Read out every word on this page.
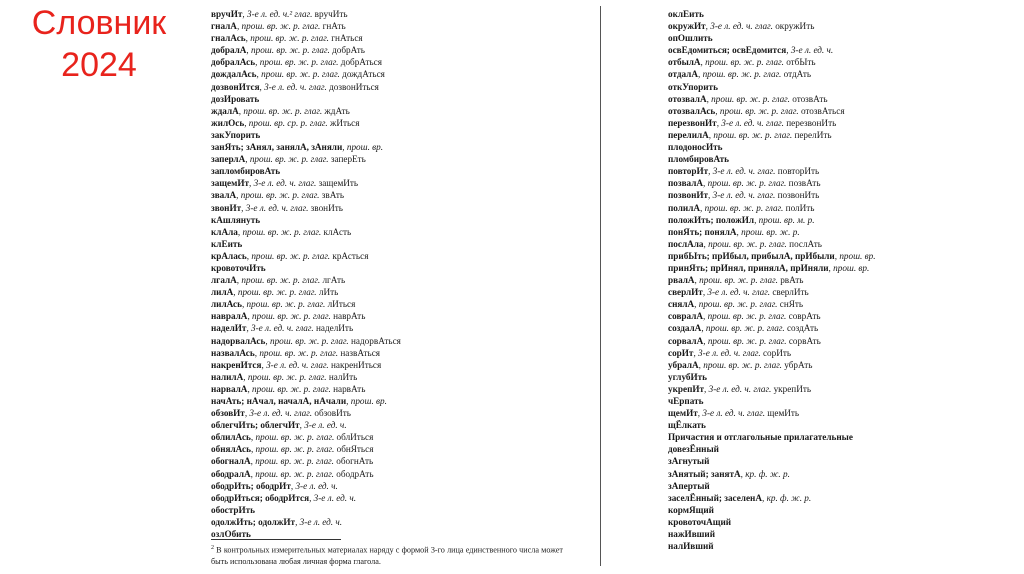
Словник 2024
вручИт, 3-е л. ед. ч.² глаг. вручИть
гналА, прош. вр. ж. р. глаг. гнАть
гналАсь, прош. вр. ж. р. глаг. гнАться
добралА, прош. вр. ж. р. глаг. добрАть
добралАсь, прош. вр. ж. р. глаг. добрАться
дождалАсь, прош. вр. ж. р. глаг. дождАться
дозвонИтся, 3-е л. ед. ч. глаг. дозвонИться
дозИровать
ждалА, прош. вр. ж. р. глаг. ждАть
жилОсь, прош. вр. ср. р. глаг. жИться
закУпорить
занЯть; зАнял, занялА, зАняли, прош. вр.
заперлА, прош. вр. ж. р. глаг. заперЕть
запломбировАть
защемИт, 3-е л. ед. ч. глаг. защемИть
звалА, прош. вр. ж. р. глаг. звАть
звонИт, 3-е л. ед. ч. глаг. звонИть
кАшлянуть
клАла, прош. вр. ж. р. глаг. клАсть
клЕить
крАлась, прош. вр. ж. р. глаг. крАсться
кровоточИть
лгалА, прош. вр. ж. р. глаг. лгАть
лилА, прош. вр. ж. р. глаг. лИть
лилАсь, прош. вр. ж. р. глаг. лИться
навралА, прош. вр. ж. р. глаг. наврАть
наделИт, 3-е л. ед. ч. глаг. наделИть
надорвалАсь, прош. вр. ж. р. глаг. надорвАться
назвалАсь, прош. вр. ж. р. глаг. назвАться
накренИтся, 3-е л. ед. ч. глаг. накренИться
налилА, прош. вр. ж. р. глаг. налИть
нарвалА, прош. вр. ж. р. глаг. нарвАть
начАть; нАчал, началА, нАчали, прош. вр.
обзовИт, 3-е л. ед. ч. глаг. обзовИть
облегчИть; облегчИт, 3-е л. ед. ч.
облилАсь, прош. вр. ж. р. глаг. облИться
обнялАсь, прош. вр. ж. р. глаг. обнЯться
обогналА, прош. вр. ж. р. глаг. обогнАть
ободралА, прош. вр. ж. р. глаг. ободрАть
ободрИть; ободрИт, 3-е л. ед. ч.
ободрИться; ободрИтся, 3-е л. ед. ч.
обострИть
одолжИть; одолжИт, 3-е л. ед. ч.
озлОбить

$^2$ В контрольных измерительных материалах наряду с формой 3-го лица единственного числа может быть использована любая личная форма глагола.

оклЕить
окружИт, 3-е л. ед. ч. глаг. окружИть
опОшлить
освЕдомиться; освЕдомится, 3-е л. ед. ч.
отбылА, прош. вр. ж. р. глаг. отбЫть
отдалА, прош. вр. ж. р. глаг. отдАть
откУпорить
отозвалА, прош. вр. ж. р. глаг. отозвАть
отозвалАсь, прош. вр. ж. р. глаг. отозвАться
перезвонИт, 3-е л. ед. ч. глаг. перезвонИть
перелилА, прош. вр. ж. р. глаг. перелИть
плодоносИть
пломбировАть
повторИт, 3-е л. ед. ч. глаг. повторИть
позвалА, прош. вр. ж. р. глаг. позвАть
позвонИт, 3-е л. ед. ч. глаг. позвонИть
полилА, прош. вр. ж. р. глаг. полИть
положИть; положИл, прош. вр. м. р.
понЯть; понялА, прош. вр. ж. р.
послАла, прош. вр. ж. р. глаг. послАть
прибЫть; прИбыл, прибылА, прИбыли, прош. вр.
принЯть; прИнял, принялА, прИняли, прош. вр.
рвалА, прош. вр. ж. р. глаг. рвАть
сверлИт, 3-е л. ед. ч. глаг. сверлИть
снялА, прош. вр. ж. р. глаг. снЯть
совралА, прош. вр. ж. р. глаг. соврАть
создалА, прош. вр. ж. р. глаг. создАть
сорвалА, прош. вр. ж. р. глаг. сорвАть
сорИт, 3-е л. ед. ч. глаг. сорИть
убралА, прош. вр. ж. р. глаг. убрАть
углубИть
укрепИт, 3-е л. ед. ч. глаг. укрепИть
чЕрпать
щемИт, 3-е л. ед. ч. глаг. щемИть
щЁлкать
Причастия и отглагольные прилагательные
довезЁнный
зАгнутый
зАнятый; занятА, кр. ф. ж. р.
зАпертый
заселЁнный; заселенА, кр. ф. ж. р.
кормЯщий
кровоточАщий
нажИвший
налИвший
